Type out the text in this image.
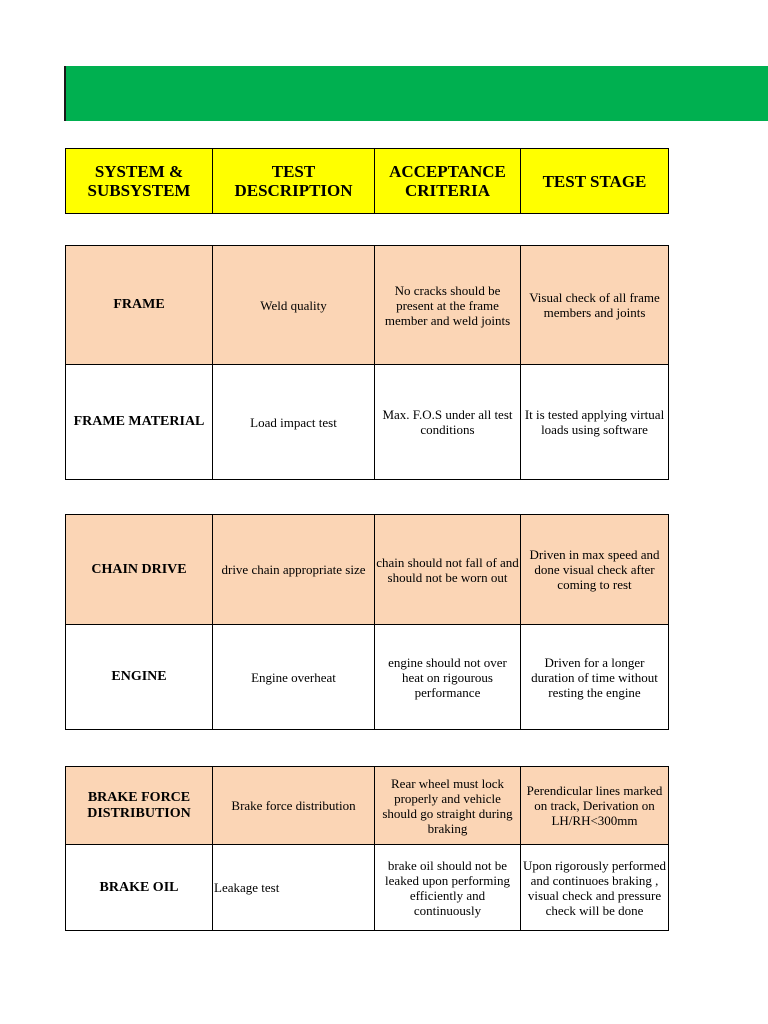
SYSTEM & SUBSYSTEM	TEST DESCRIPTION	ACCEPTANCE CRITERIA	TEST STAGE
FRAME	Weld quality	No cracks should be present at the frame member and weld joints	Visual check of all frame members and joints
FRAME MATERIAL	Load impact test	Max. F.O.S under all test conditions	It is tested applying virtual loads using software
CHAIN DRIVE	drive chain appropriate size	chain should not fall of and should not be worn out	Driven in max speed and done visual check after coming to rest
ENGINE	Engine overheat	engine should not over heat on rigourous performance	Driven for a longer duration of time without resting the engine
BRAKE FORCE DISTRIBUTION	Brake force distribution	Rear wheel must lock properly and vehicle should go straight during braking	Perendicular lines marked on track, Derivation on LH/RH<300mm
BRAKE OIL	Leakage test	brake oil should not be leaked upon performing efficiently and continuously	Upon rigorously performed and continuoes braking , visual check and pressure check will be done
